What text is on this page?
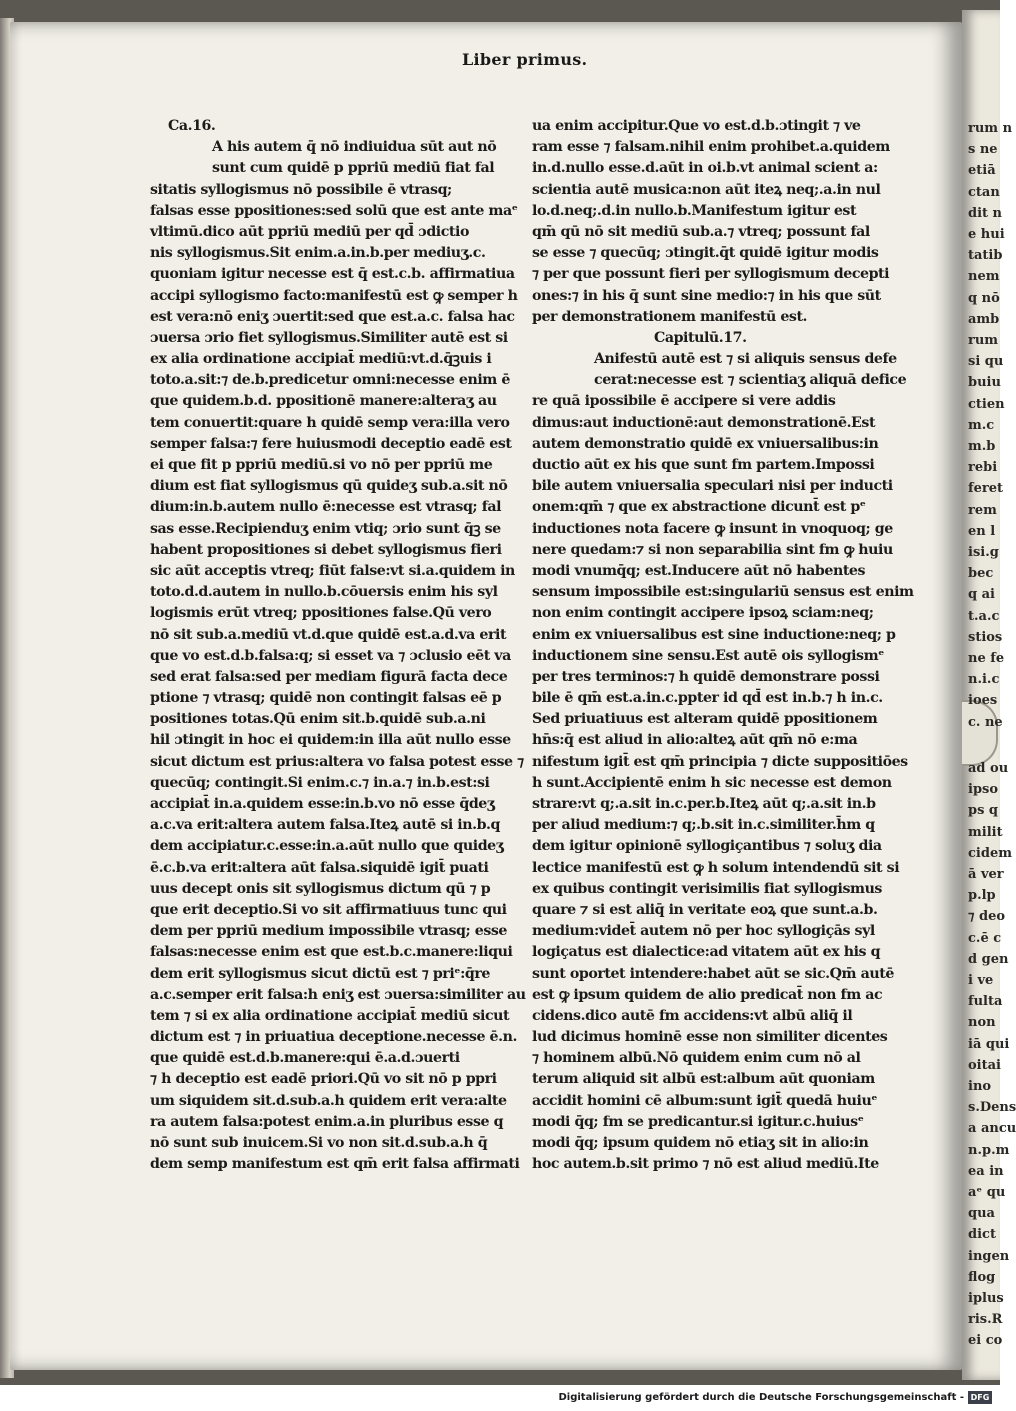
rum n
s ne
etiā
ctan
dit n
e hui
tatib
nem
q nō
amb
rum
si qu
buiu
ctien
m.c
m.b
rebi
feret
rem
en l
isi.g
bec
q ai
t.a.c
stios
ne fe
n.i.c
ioes
c. ne
ad ou
ipso
ps q
milit
cidem
ā ver
p.lp
⁊ deo
c.ē c
d gen
i ve
fulta
non
iā qui
oitai
ino
s.Dens
a ancu
n.p.m
ea in
aᵉ qu
qua
dict
ingen
flog
iplus
ris.R
ei co
Liber primus.
Ca.16.
A his autem q̄ nō indiuidua sūt aut nō
sunt cum quidē p ppriū mediū fiat fal
sitatis syllogismus nō possibile ē vtrasq;
falsas esse ppositiones:sed solū que est ante maᵉ
vltimū.dico aūt ppriū mediū per qd̄ ɔdictio
nis syllogismus.Sit enim.a.in.b.per mediuʒ.c.
quoniam igitur necesse est q̄ est.c.b. affirmatiua
accipi syllogismo facto:manifestū est ꝙ semper h
est vera:nō eniʒ ɔuertit:sed que est.a.c. falsa hac
ɔuersa ɔrio fiet syllogismus.Similiter autē est si
ex alia ordinatione accipiat̄ mediū:vt.d.q̄ꝫuis i
toto.a.sit:⁊ de.b.predicetur omni:necesse enim ē
que quidem.b.d. ppositionē manere:alteraʒ au
tem conuertit:quare h quidē semp vera:illa vero
semper falsa:⁊ fere huiusmodi deceptio eadē est
ei que fit p ppriū mediū.si vo nō per ppriū me
dium est fiat syllogismus qū quideʒ sub.a.sit nō
dium:in.b.autem nullo ē:necesse est vtrasq; fal
sas esse.Recipienduʒ enim vtiq; ɔrio sunt q̄ꝫ se
habent propositiones si debet syllogismus fieri
sic aūt acceptis vtreq; fiūt false:vt si.a.quidem in
toto.d.d.autem in nullo.b.cōuersis enim his syl
logismis erūt vtreq; ppositiones false.Qū vero
nō sit sub.a.mediū vt.d.que quidē est.a.d.va erit
que vo est.d.b.falsa:q; si esset va ⁊ ɔclusio eēt va
sed erat falsa:sed per mediam figurā facta dece
ptione ⁊ vtrasq; quidē non contingit falsas eē p
positiones totas.Qū enim sit.b.quidē sub.a.ni
hil ɔtingit in hoc ei quidem:in illa aūt nullo esse
sicut dictum est prius:altera vo falsa potest esse ⁊
quecūq; contingit.Si enim.c.⁊ in.a.⁊ in.b.est:si
accipiat̄ in.a.quidem esse:in.b.vo nō esse q̄deʒ
a.c.va erit:altera autem falsa.Iteꝝ autē si in.b.q
dem accipiatur.c.esse:in.a.aūt nullo que quideʒ
ē.c.b.va erit:altera aūt falsa.siquidē igit̄ puati
uus decept onis sit syllogismus dictum qū ⁊ p
que erit deceptio.Si vo sit affirmatiuus tunc qui
dem per ppriū medium impossibile vtrasq; esse
falsas:necesse enim est que est.b.c.manere:liqui
dem erit syllogismus sicut dictū est ⁊ priᵉ:q̄re
a.c.semper erit falsa:h eniʒ est ɔuersa:similiter au
tem ⁊ si ex alia ordinatione accipiat̄ mediū sicut
dictum est ⁊ in priuatiua deceptione.necesse ē.n.
que quidē est.d.b.manere:qui ē.a.d.ɔuerti
⁊ h deceptio est eadē priori.Qū vo sit nō p ppri
um siquidem sit.d.sub.a.h quidem erit vera:alte
ra autem falsa:potest enim.a.in pluribus esse q
nō sunt sub inuicem.Si vo non sit.d.sub.a.h q̄
dem semp manifestum est qm̄ erit falsa affirmati
ua enim accipitur.Que vo est.d.b.ɔtingit ⁊ ve
ram esse ⁊ falsam.nihil enim prohibet.a.quidem
in.d.nullo esse.d.aūt in oi.b.vt animal scient a:
scientia autē musica:non aūt iteꝝ neq;.a.in nul
lo.d.neq;.d.in nullo.b.Manifestum igitur est
qm̄ qū nō sit mediū sub.a.⁊ vtreq; possunt fal
se esse ⁊ quecūq; ɔtingit.q̄t quidē igitur modis
⁊ per que possunt fieri per syllogismum decepti
ones:⁊ in his q̄ sunt sine medio:⁊ in his que sūt
per demonstrationem manifestū est.
Capitulū.17.
Anifestū autē est ⁊ si aliquis sensus defe
cerat:necesse est ⁊ scientiaʒ aliquā defice
re quā ipossibile ē accipere si vere addis
dimus:aut inductionē:aut demonstrationē.Est
autem demonstratio quidē ex vniuersalibus:in
ductio aūt ex his que sunt fm partem.Impossi
bile autem vniuersalia speculari nisi per inducti
onem:qm̄ ⁊ que ex abstractione dicunt̄ est pᵉ
inductiones nota facere ꝙ insunt in vnoquoq; ge
nere quedam:⁊ si non separabilia sint fm ꝙ huiu
modi vnumq̄q; est.Inducere aūt nō habentes
sensum impossibile est:singulariū sensus est enim
non enim contingit accipere ipsoꝝ sciam:neq;
enim ex vniuersalibus est sine inductione:neq; p
inductionem sine sensu.Est autē ois syllogismᵉ
per tres terminos:⁊ h quidē demonstrare possi
bile ē qm̄ est.a.in.c.ppter id qd̄ est in.b.⁊ h in.c.
Sed priuatiuus est alteram quidē ppositionem
hn̄s:q̄ est aliud in alio:alteꝝ aūt qm̄ nō e:ma
nifestum igit̄ est qm̄ principia ⁊ dicte suppositiōes
h sunt.Accipientē enim h sic necesse est demon
strare:vt q;.a.sit in.c.per.b.Iteꝝ aūt q;.a.sit in.b
per aliud medium:⁊ q;.b.sit in.c.similiter.h̄m q
dem igitur opinionē syllogiçantibus ⁊ soluʒ dia
lectice manifestū est ꝙ h solum intendendū sit si
ex quibus contingit verisimilis fiat syllogismus
quare ⁊ si est aliq̄ in veritate eoꝝ que sunt.a.b.
medium:videt̄ autem nō per hoc syllogiçās syl
logiçatus est dialectice:ad vitatem aūt ex his q
sunt oportet intendere:habet aūt se sic.Qm̄ autē
est ꝙ ipsum quidem de alio predicat̄ non fm ac
cidens.dico autē fm accidens:vt albū aliq̄ il
lud dicimus hominē esse non similiter dicentes
⁊ hominem albū.Nō quidem enim cum nō al
terum aliquid sit albū est:album aūt quoniam
accidit homini cē album:sunt igit̄ quedā huiuᵉ
modi q̄q; fm se predicantur.si igitur.c.huiusᵉ
modi q̄q; ipsum quidem nō etiaʒ sit in alio:in
hoc autem.b.sit primo ⁊ nō est aliud mediū.Ite
Digitalisierung gefördert durch die Deutsche Forschungsgemeinschaft - DFG
